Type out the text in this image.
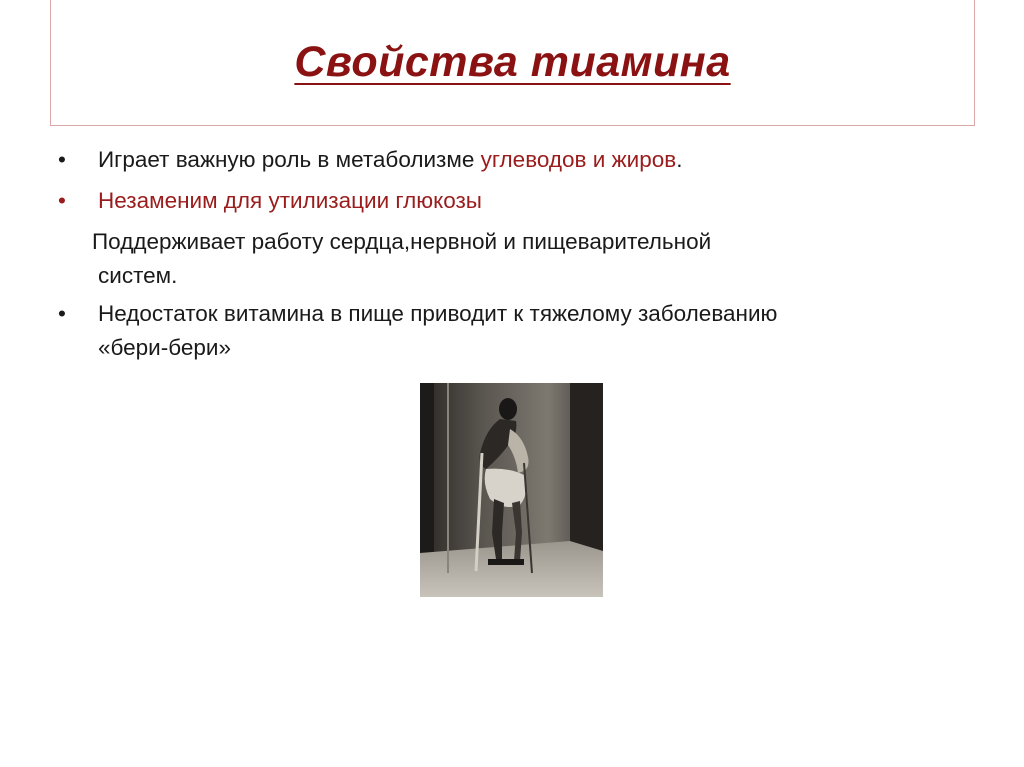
Свойства тиамина
• Играет важную роль в метаболизме углеводов и жиров.
• Незаменим для утилизации глюкозы
Поддерживает работу сердца,нервной и пищеварительной
систем.
• Недостаток витамина в пище приводит к тяжелому заболеванию
«бери-бери»
